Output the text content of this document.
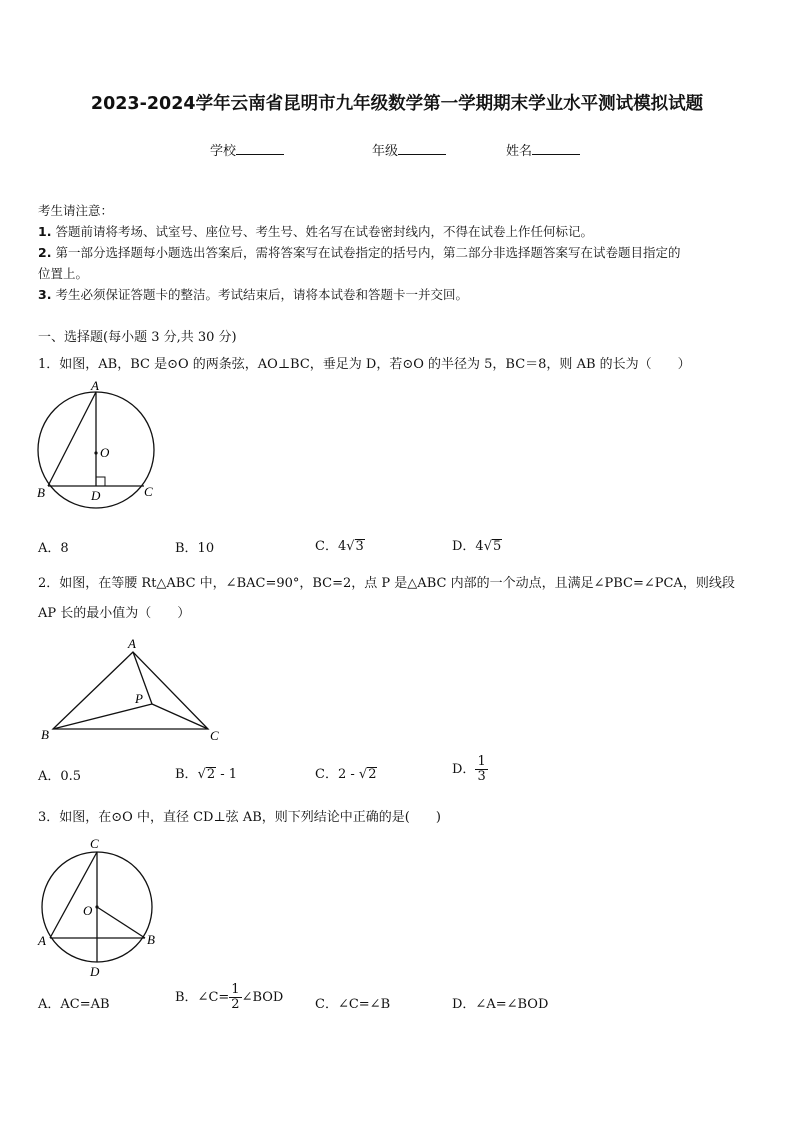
2023-2024学年云南省昆明市九年级数学第一学期期末学业水平测试模拟试题
学校	年级	姓名
考生请注意：
1. 答题前请将考场、试室号、座位号、考生号、姓名写在试卷密封线内，不得在试卷上作任何标记。
2. 第一部分选择题每小题选出答案后，需将答案写在试卷指定的括号内，第二部分非选择题答案写在试卷题目指定的
位置上。
3. 考生必须保证答题卡的整洁。考试结束后，请将本试卷和答题卡一并交回。
一、选择题(每小题 3 分,共 30 分)
1．如图，AB，BC 是⊙O 的两条弦，AO⊥BC，垂足为 D，若⊙O 的半径为 5，BC＝8，则 AB 的长为（　　）
A
O
B	D	C
A．8	B．10	C．4√3	D．4√5
2．如图，在等腰 Rt△ABC 中，∠BAC=90°，BC=2，点 P 是△ABC 内部的一个动点，且满足∠PBC=∠PCA，则线段
AP 长的最小值为（　　）
A
P
B	C
A．0.5	B．√2 - 1	C．2 - √2	D． $\frac{1}{3}$
3．如图，在⊙O 中，直径 CD⊥弦 AB，则下列结论中正确的是(　　)
C
O
A	B
D
A．AC=AB	B．∠C= $\frac{1}{2}$ ∠BOD C．∠C=∠B	D．∠A=∠BOD
